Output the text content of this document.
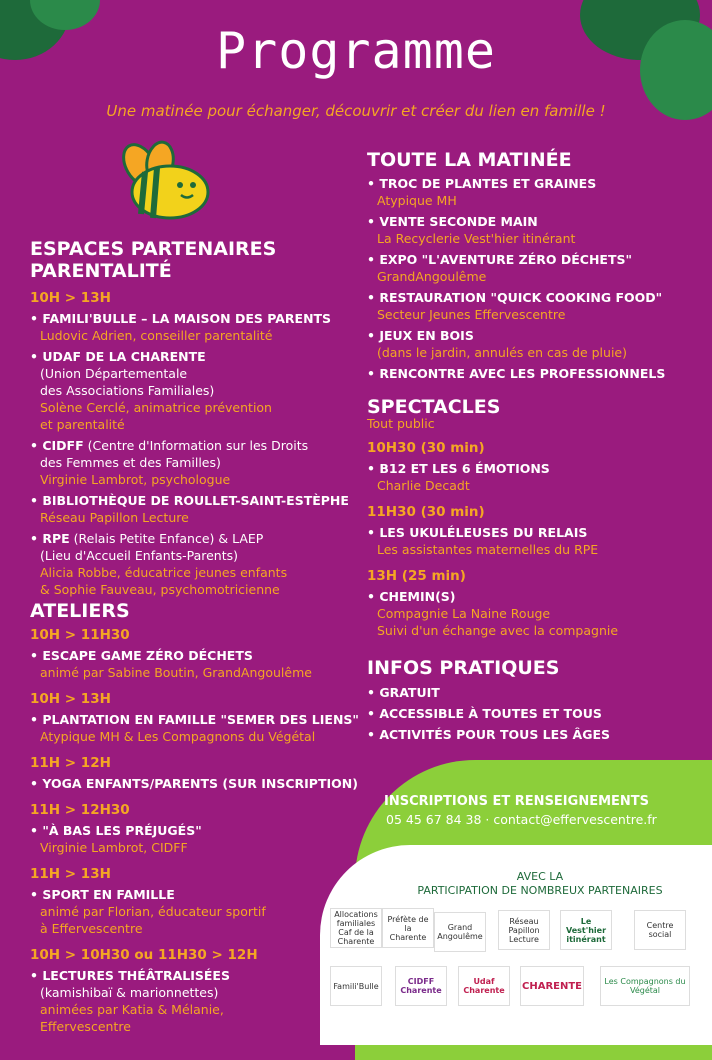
Programme
Une matinée pour échanger, découvrir et créer du lien en famille !
ESPACES PARTENAIRES
PARENTALITÉ
10H > 13H
• FAMILI'BULLE – LA MAISON DES PARENTS
Ludovic Adrien, conseiller parentalité
• UDAF DE LA CHARENTE
(Union Départementale
des Associations Familiales)
Solène Cerclé, animatrice prévention
et parentalité
• CIDFF (Centre d'Information sur les Droits
des Femmes et des Familles)
Virginie Lambrot, psychologue
• BIBLIOTHÈQUE DE ROULLET-SAINT-ESTÈPHE
Réseau Papillon Lecture
• RPE (Relais Petite Enfance) & LAEP
(Lieu d'Accueil Enfants-Parents)
Alicia Robbe, éducatrice jeunes enfants
& Sophie Fauveau, psychomotricienne
ATELIERS
10H > 11H30
• ESCAPE GAME ZÉRO DÉCHETS
animé par Sabine Boutin, GrandAngoulême
10H > 13H
• PLANTATION EN FAMILLE "SEMER DES LIENS"
Atypique MH & Les Compagnons du Végétal
11H > 12H
• YOGA ENFANTS/PARENTS (SUR INSCRIPTION)
11H > 12H30
• "À BAS LES PRÉJUGÉS"
Virginie Lambrot, CIDFF
11H > 13H
• SPORT EN FAMILLE
animé par Florian, éducateur sportif
à Effervescentre
10H > 10H30 ou 11H30 > 12H
• LECTURES THÉÂTRALISÉES
(kamishibaï & marionnettes)
animées par Katia & Mélanie,
Effervescentre
TOUTE LA MATINÉE
• TROC DE PLANTES ET GRAINES
Atypique MH
• VENTE SECONDE MAIN
La Recyclerie Vest'hier itinérant
• EXPO "L'AVENTURE ZÉRO DÉCHETS"
GrandAngoulême
• RESTAURATION "QUICK COOKING FOOD"
Secteur Jeunes Effervescentre
• JEUX EN BOIS
(dans le jardin, annulés en cas de pluie)
• RENCONTRE AVEC LES PROFESSIONNELS
SPECTACLES
Tout public
10H30 (30 min)
• B12 ET LES 6 ÉMOTIONS
Charlie Decadt
11H30 (30 min)
• LES UKULÉLEUSES DU RELAIS
Les assistantes maternelles du RPE
13H (25 min)
• CHEMIN(S)
Compagnie La Naine Rouge
Suivi d'un échange avec la compagnie
INFOS PRATIQUES
• GRATUIT
• ACCESSIBLE À TOUTES ET TOUS
• ACTIVITÉS POUR TOUS LES ÂGES
INSCRIPTIONS ET RENSEIGNEMENTS
05 45 67 84 38 · contact@effervescentre.fr
AVEC LA
PARTICIPATION DE NOMBREUX PARTENAIRES
Allocations familiales Caf de la Charente
Préfète de la Charente
Grand Angoulême
Réseau Papillon Lecture
Le Vest'hier itinérant
Centre social
Famili'Bulle	CIDFF Charente
Udaf Charente	CHARENTE	Les Compagnons du Végétal
